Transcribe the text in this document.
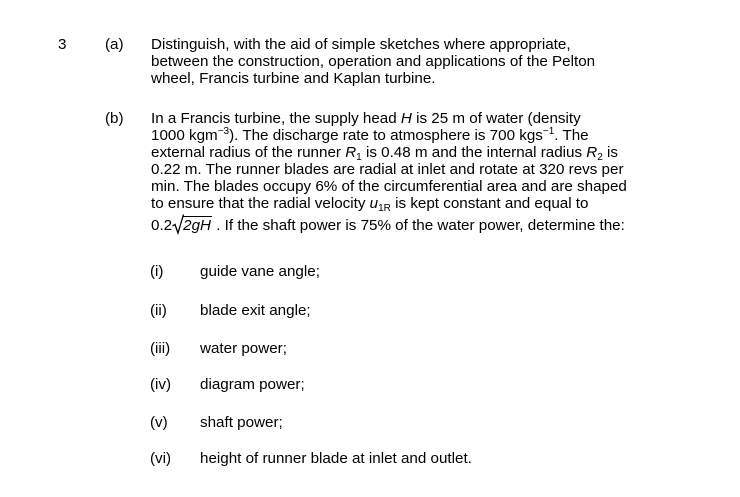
3	(a) Distinguish, with the aid of simple sketches where appropriate,
between the construction, operation and applications of the Pelton
wheel, Francis turbine and Kaplan turbine.
(b) In a Francis turbine, the supply head H is 25 m of water (density
1000 kgm$^{-3}$). The discharge rate to atmosphere is 700 kgs$^{-1}$. The
external radius of the runner $R_1$ is 0.48 m and the internal radius $R_2$ is
0.22 m. The runner blades are radial at inlet and rotate at 320 revs per
min. The blades occupy 6% of the circumferential area and are shaped
to ensure that the radial velocity $u_{1R}$ is kept constant and equal to
0.2 2gH . If the shaft power is 75% of the water power, determine the:
(i) guide vane angle;
(ii) blade exit angle;
(iii) water power;
(iv) diagram power;
(v) shaft power;
(vi) height of runner blade at inlet and outlet.
